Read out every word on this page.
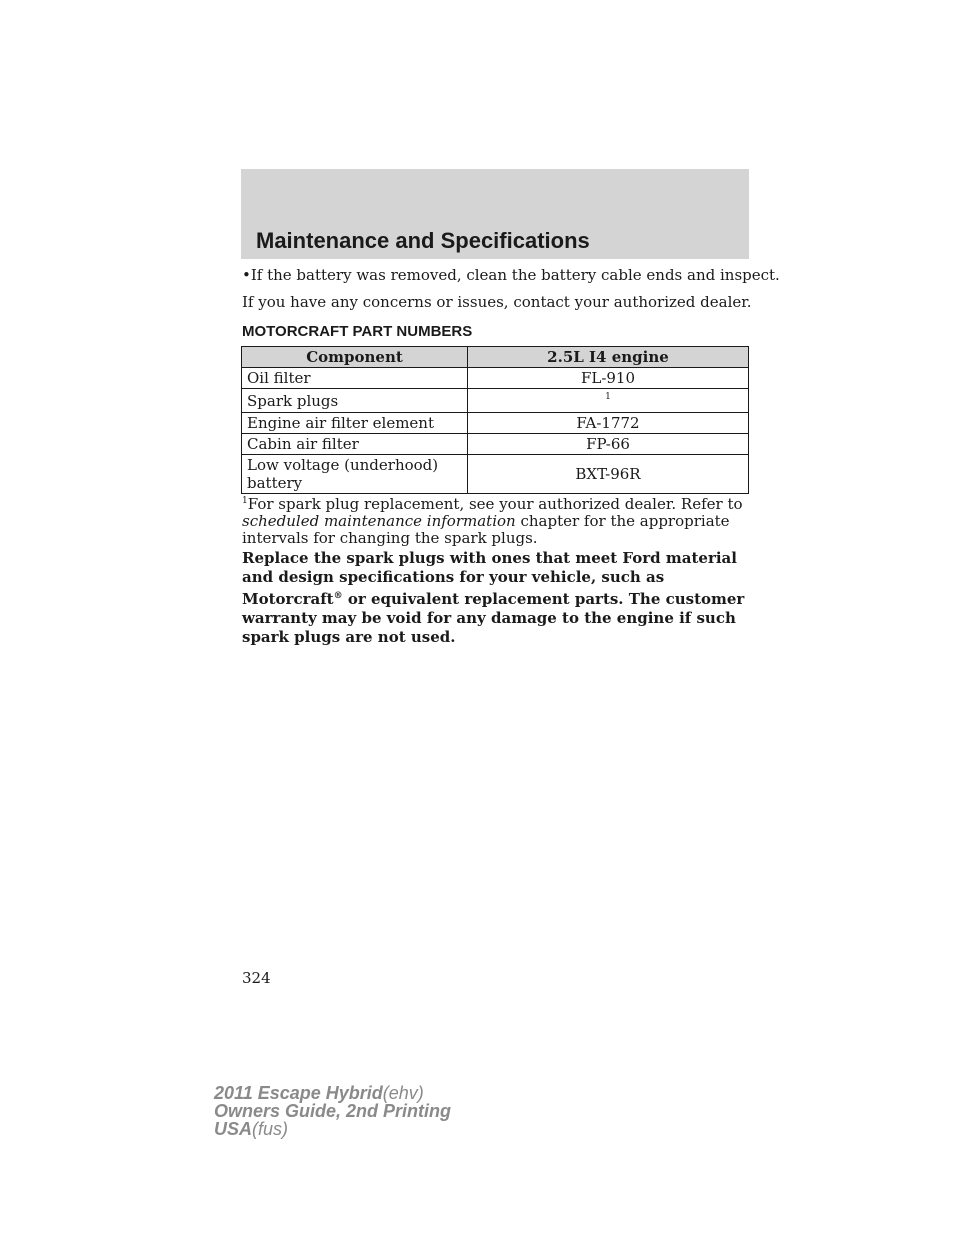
Maintenance and Specifications
•If the battery was removed, clean the battery cable ends and inspect.
If you have any concerns or issues, contact your authorized dealer.
MOTORCRAFT PART NUMBERS
Component	2.5L I4 engine
Oil filter	FL-910
Spark plugs	$^1$
Engine air filter element	FA-1772
Cabin air filter	FP-66
Low voltage (underhood)
battery	BXT-96R
$^1$For spark plug replacement, see your authorized dealer. Refer to scheduled maintenance information chapter for the appropriate intervals for changing the spark plugs.
Replace the spark plugs with ones that meet Ford material and design specifications for your vehicle, such as Motorcraft® or equivalent replacement parts. The customer warranty may be void for any damage to the engine if such spark plugs are not used.
324
2011 Escape Hybrid(ehv)
Owners Guide, 2nd Printing
USA(fus)
